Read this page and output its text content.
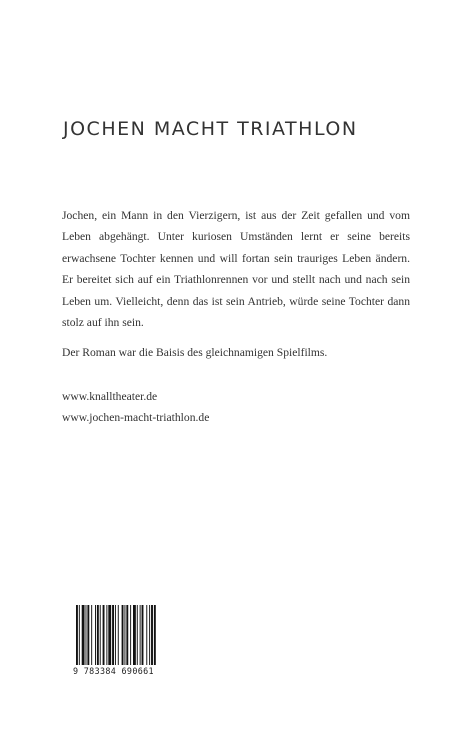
JOCHEN MACHT TRIATHLON

Jochen, ein Mann in den Vierzigern, ist aus der Zeit gefallen und vom Leben abgehängt. Unter kuriosen Umständen lernt er seine bereits erwachsene Tochter kennen und will fortan sein trauriges Leben ändern. Er bereitet sich auf ein Triathlonrennen vor und stellt nach und nach sein Leben um. Vielleicht, denn das ist sein Antrieb, würde seine Tochter dann stolz auf ihn sein.

Der Roman war die Baisis des gleichnamigen Spielfilms.
www.knalltheater.de
www.jochen-macht-triathlon.de
9 783384 690661
